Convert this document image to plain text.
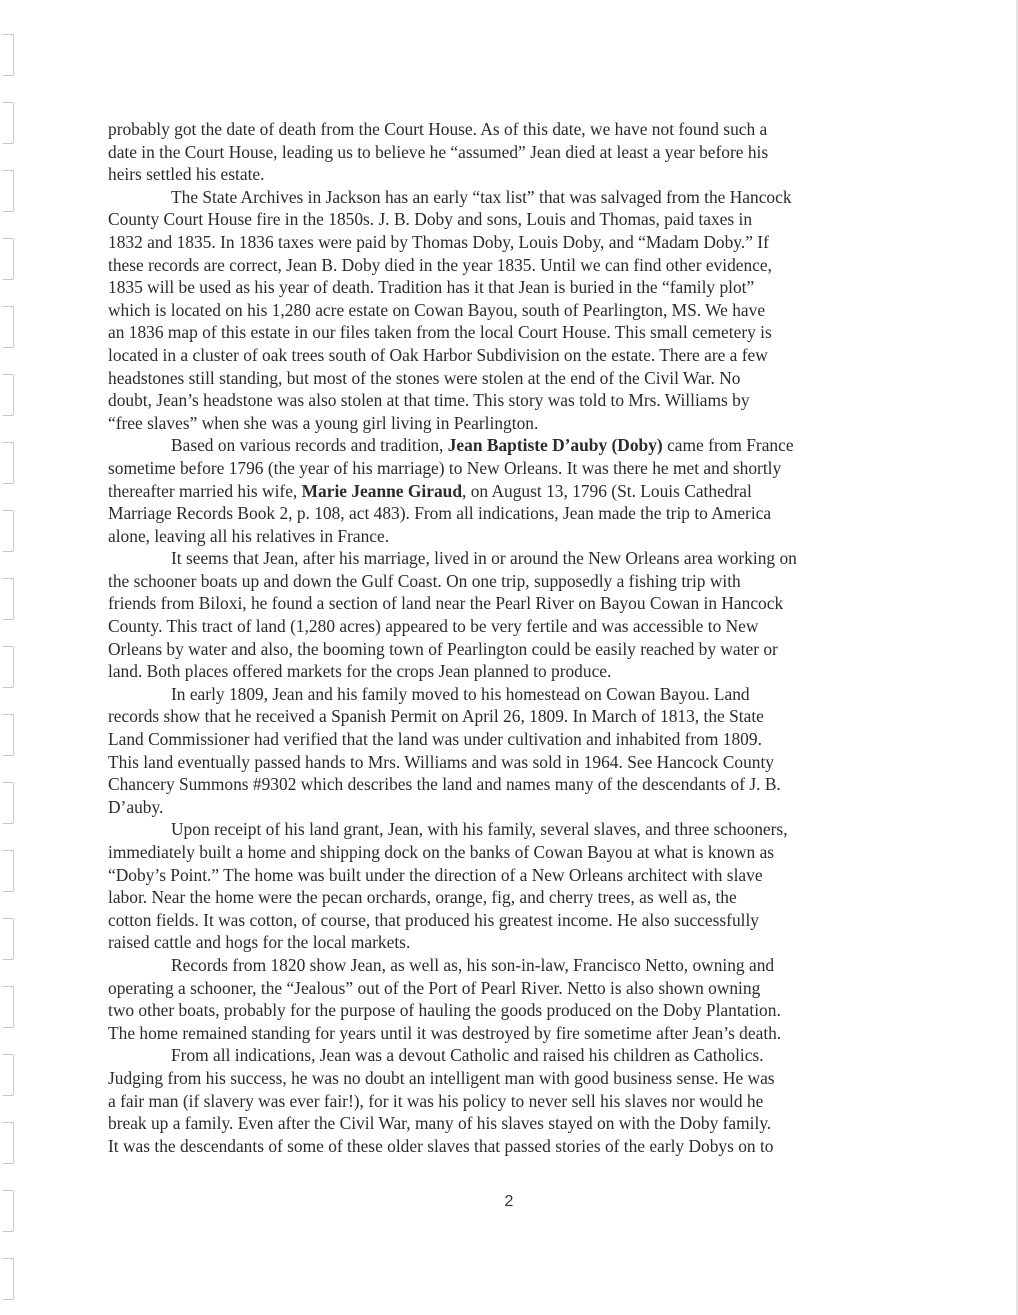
probably got the date of death from the Court House. As of this date, we have not found such a
date in the Court House, leading us to believe he “assumed” Jean died at least a year before his
heirs settled his estate.
The State Archives in Jackson has an early “tax list” that was salvaged from the Hancock
County Court House fire in the 1850s. J. B. Doby and sons, Louis and Thomas, paid taxes in
1832 and 1835. In 1836 taxes were paid by Thomas Doby, Louis Doby, and “Madam Doby.” If
these records are correct, Jean B. Doby died in the year 1835. Until we can find other evidence,
1835 will be used as his year of death. Tradition has it that Jean is buried in the “family plot”
which is located on his 1,280 acre estate on Cowan Bayou, south of Pearlington, MS. We have
an 1836 map of this estate in our files taken from the local Court House. This small cemetery is
located in a cluster of oak trees south of Oak Harbor Subdivision on the estate. There are a few
headstones still standing, but most of the stones were stolen at the end of the Civil War. No
doubt, Jean’s headstone was also stolen at that time. This story was told to Mrs. Williams by
“free slaves” when she was a young girl living in Pearlington.
Based on various records and tradition, Jean Baptiste D’auby (Doby) came from France
sometime before 1796 (the year of his marriage) to New Orleans. It was there he met and shortly
thereafter married his wife, Marie Jeanne Giraud, on August 13, 1796 (St. Louis Cathedral
Marriage Records Book 2, p. 108, act 483). From all indications, Jean made the trip to America
alone, leaving all his relatives in France.
It seems that Jean, after his marriage, lived in or around the New Orleans area working on
the schooner boats up and down the Gulf Coast. On one trip, supposedly a fishing trip with
friends from Biloxi, he found a section of land near the Pearl River on Bayou Cowan in Hancock
County. This tract of land (1,280 acres) appeared to be very fertile and was accessible to New
Orleans by water and also, the booming town of Pearlington could be easily reached by water or
land. Both places offered markets for the crops Jean planned to produce.
In early 1809, Jean and his family moved to his homestead on Cowan Bayou. Land
records show that he received a Spanish Permit on April 26, 1809. In March of 1813, the State
Land Commissioner had verified that the land was under cultivation and inhabited from 1809.
This land eventually passed hands to Mrs. Williams and was sold in 1964. See Hancock County
Chancery Summons #9302 which describes the land and names many of the descendants of J. B.
D’auby.
Upon receipt of his land grant, Jean, with his family, several slaves, and three schooners,
immediately built a home and shipping dock on the banks of Cowan Bayou at what is known as
“Doby’s Point.” The home was built under the direction of a New Orleans architect with slave
labor. Near the home were the pecan orchards, orange, fig, and cherry trees, as well as, the
cotton fields. It was cotton, of course, that produced his greatest income. He also successfully
raised cattle and hogs for the local markets.
Records from 1820 show Jean, as well as, his son-in-law, Francisco Netto, owning and
operating a schooner, the “Jealous” out of the Port of Pearl River. Netto is also shown owning
two other boats, probably for the purpose of hauling the goods produced on the Doby Plantation.
The home remained standing for years until it was destroyed by fire sometime after Jean’s death.
From all indications, Jean was a devout Catholic and raised his children as Catholics.
Judging from his success, he was no doubt an intelligent man with good business sense. He was
a fair man (if slavery was ever fair!), for it was his policy to never sell his slaves nor would he
break up a family. Even after the Civil War, many of his slaves stayed on with the Doby family.
It was the descendants of some of these older slaves that passed stories of the early Dobys on to
2
